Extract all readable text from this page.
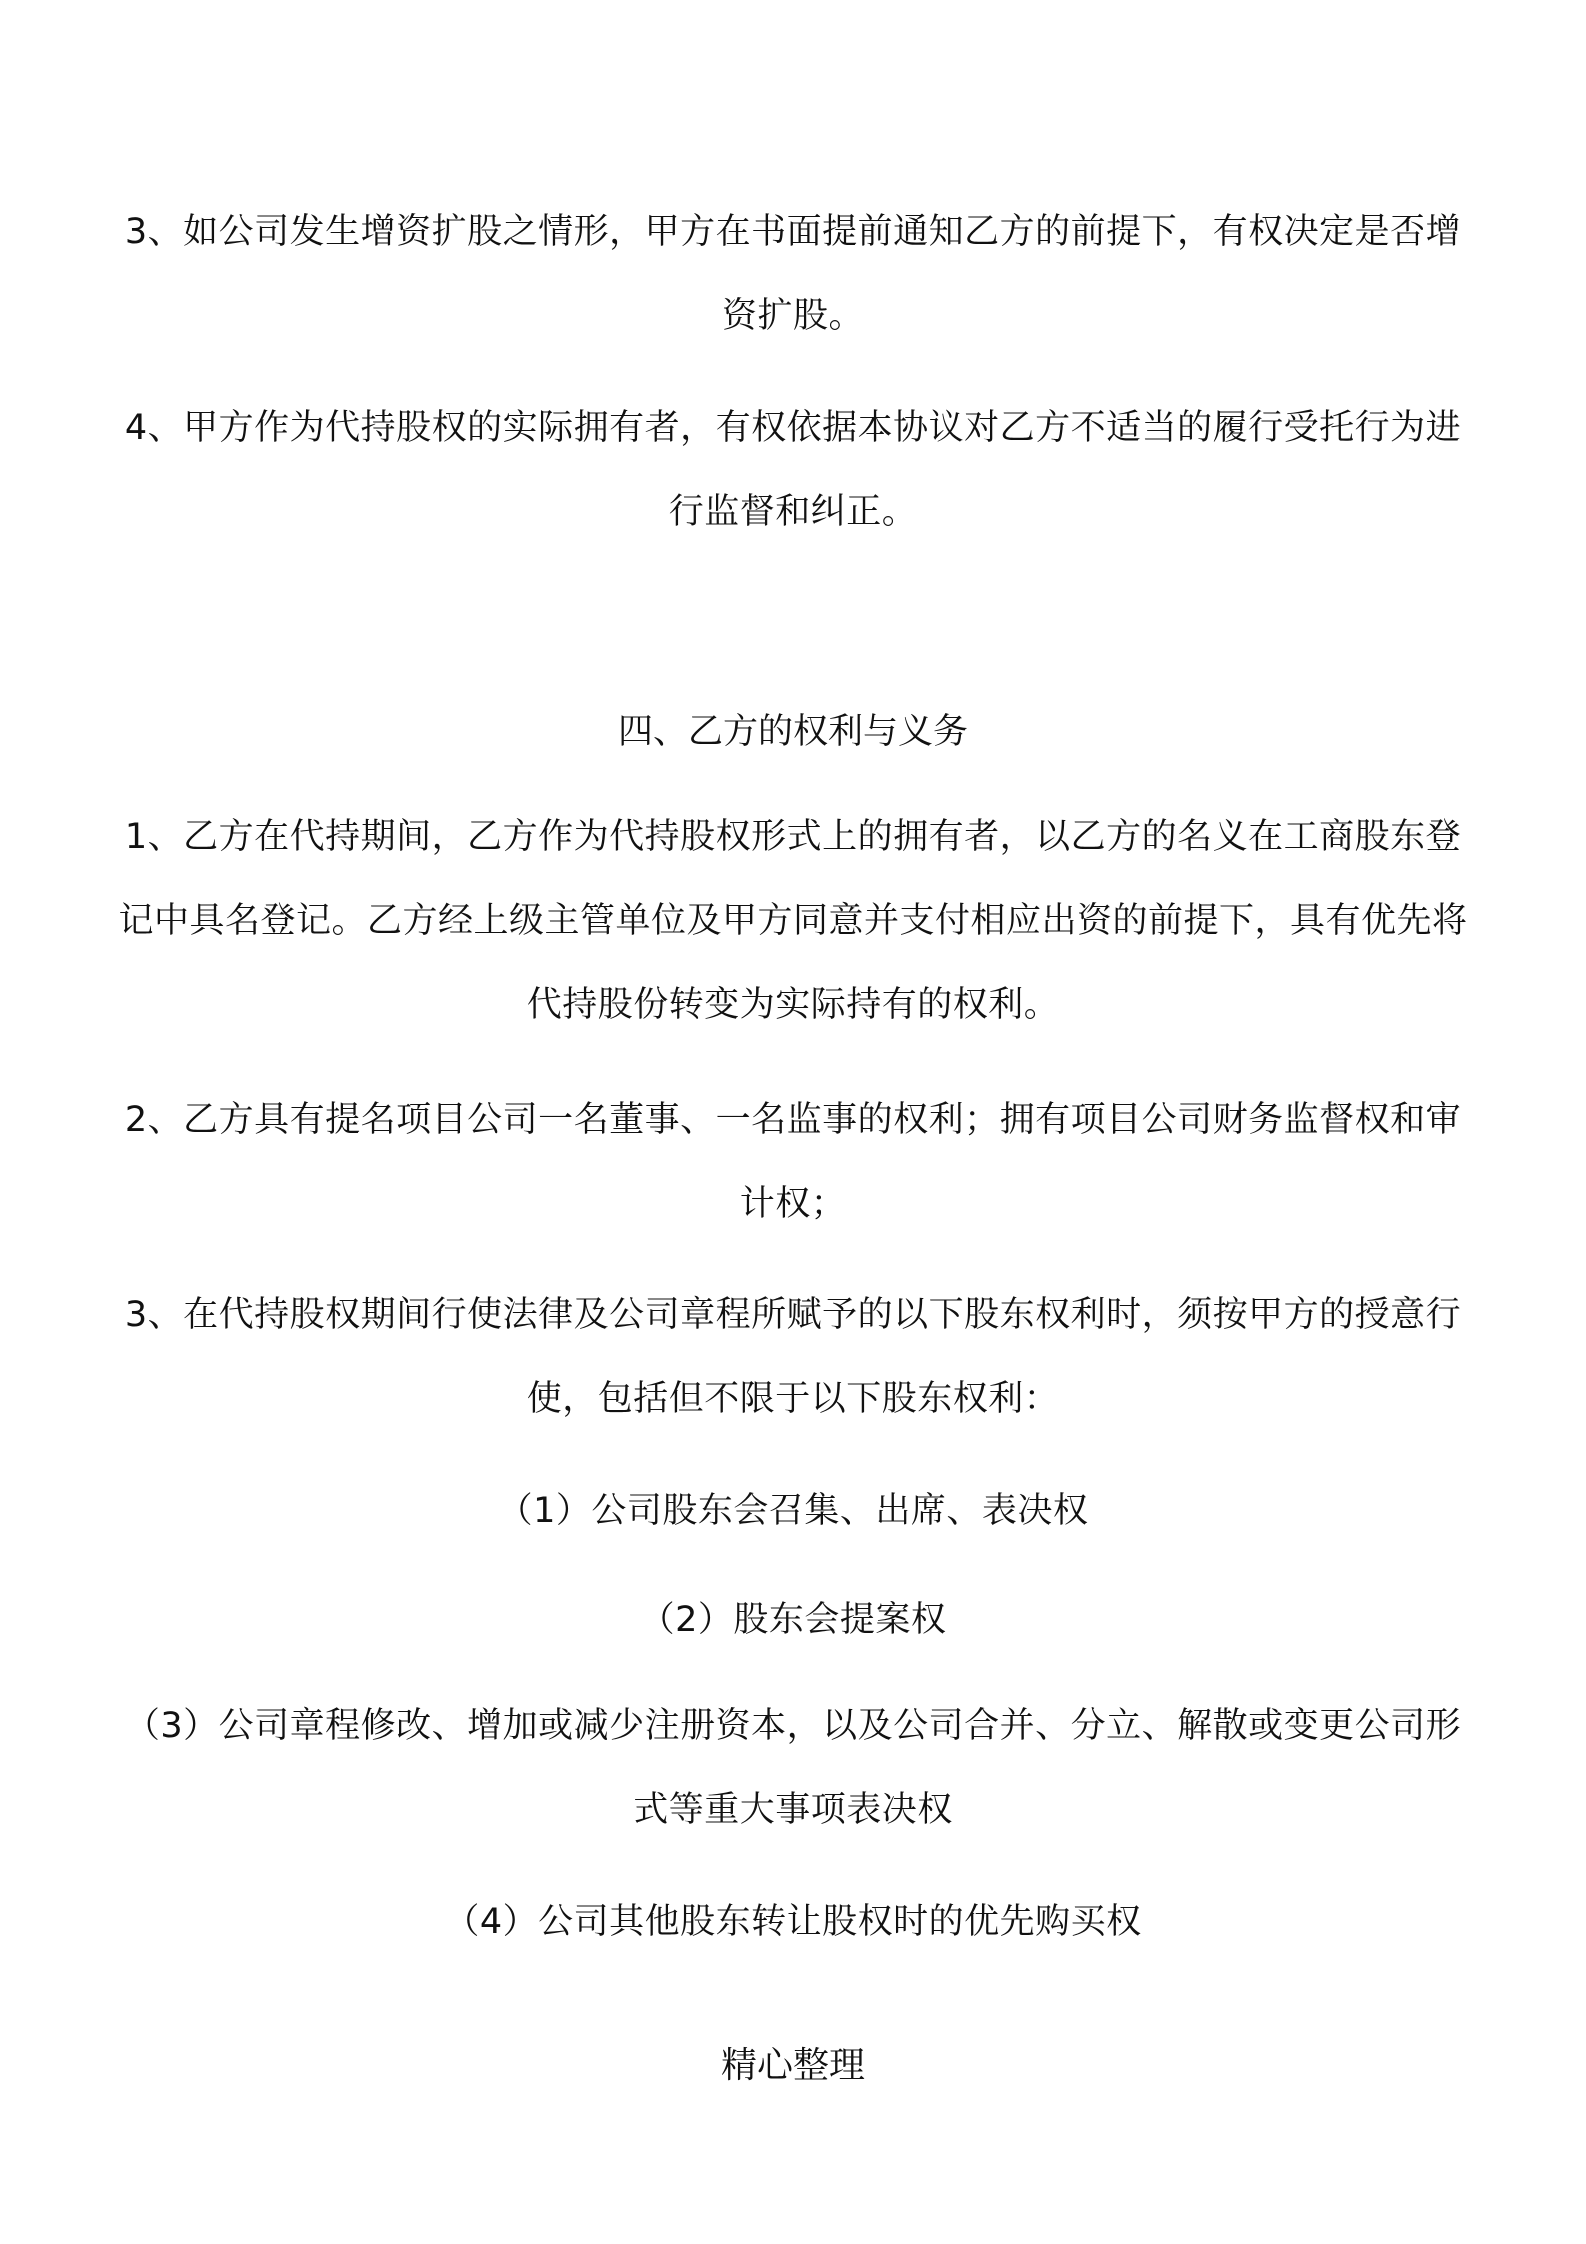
3、如公司发生增资扩股之情形，甲方在书面提前通知乙方的前提下，有权决定是否增资扩股。

4、甲方作为代持股权的实际拥有者，有权依据本协议对乙方不适当的履行受托行为进行监督和纠正。

四、乙方的权利与义务

1、乙方在代持期间，乙方作为代持股权形式上的拥有者，以乙方的名义在工商股东登记中具名登记。乙方经上级主管单位及甲方同意并支付相应出资的前提下，具有优先将代持股份转变为实际持有的权利。

2、乙方具有提名项目公司一名董事、一名监事的权利；拥有项目公司财务监督权和审计权；

3、在代持股权期间行使法律及公司章程所赋予的以下股东权利时，须按甲方的授意行使，包括但不限于以下股东权利：

（1）公司股东会召集、出席、表决权

（2）股东会提案权

（3）公司章程修改、增加或减少注册资本，以及公司合并、分立、解散或变更公司形式等重大事项表决权

（4）公司其他股东转让股权时的优先购买权

精心整理
